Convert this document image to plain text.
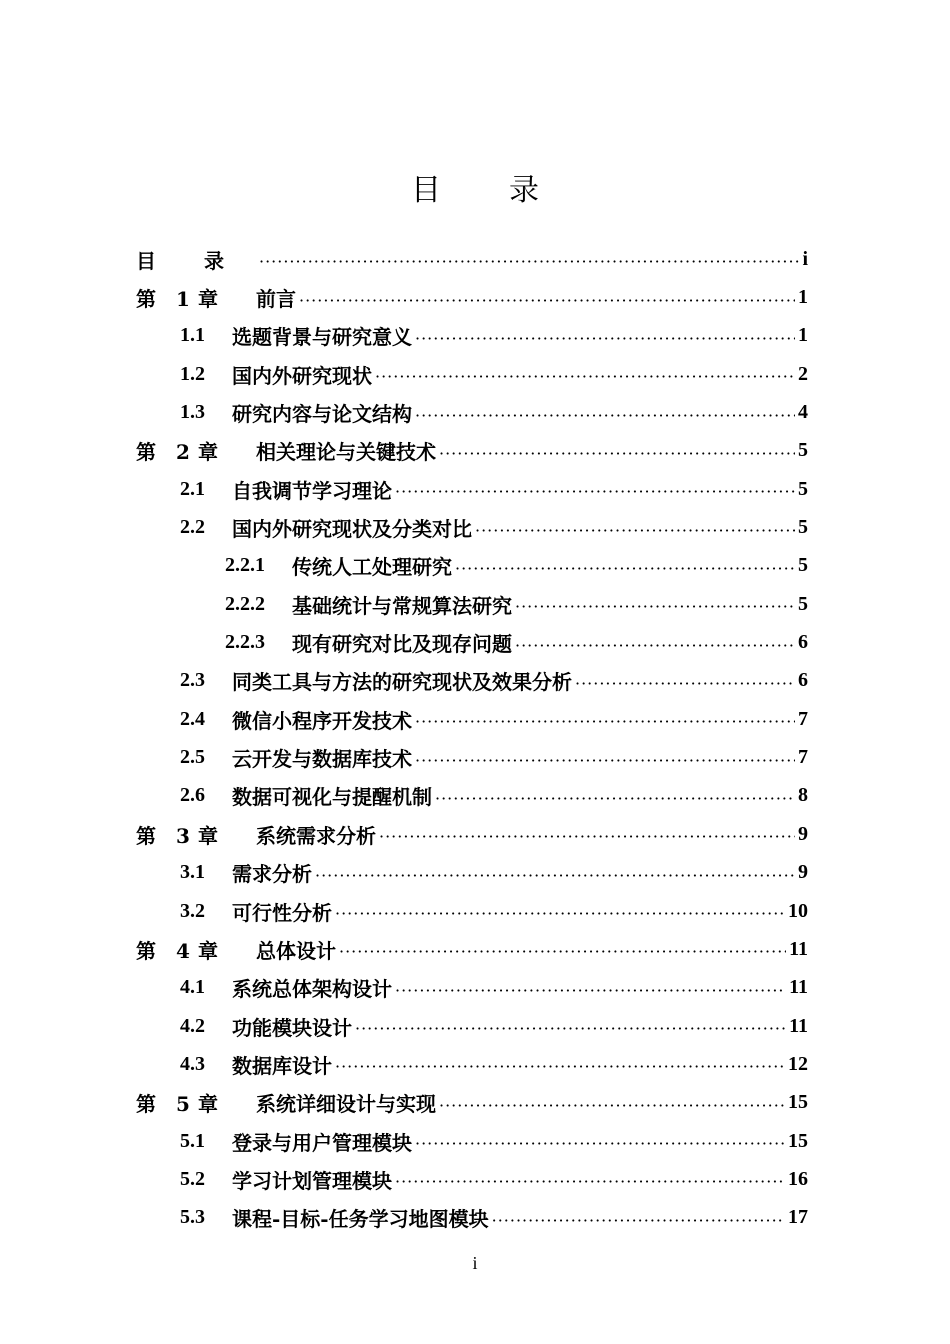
目 录
目 录 ·····	i
第 1 章	前言 ·····	1
1.1	选题背景与研究意义 ·····	1
1.2	国内外研究现状 ·····	2
1.3	研究内容与论文结构 ·····	4
第 2 章	相关理论与关键技术 ·····	5
2.1	自我调节学习理论 ·····	5
2.2	国内外研究现状及分类对比 ·····	5
2.2.1	传统人工处理研究 ·····	5
2.2.2	基础统计与常规算法研究 ·····	5
2.2.3	现有研究对比及现存问题 ·····	6
2.3	同类工具与方法的研究现状及效果分析 ·····	6
2.4	微信小程序开发技术 ·····	7
2.5	云开发与数据库技术 ·····	7
2.6	数据可视化与提醒机制 ·····	8
第 3 章	系统需求分析 ·····	9
3.1	需求分析 ·····	9
3.2	可行性分析 ·····	10
第 4 章	总体设计 ·····	11
4.1	系统总体架构设计 ·····	11
4.2	功能模块设计 ·····	11
4.3	数据库设计 ·····	12
第 5 章	系统详细设计与实现 ·····	15
5.1	登录与用户管理模块 ·····	15
5.2	学习计划管理模块 ·····	16
5.3	课程-目标-任务学习地图模块 ·····	17
i
